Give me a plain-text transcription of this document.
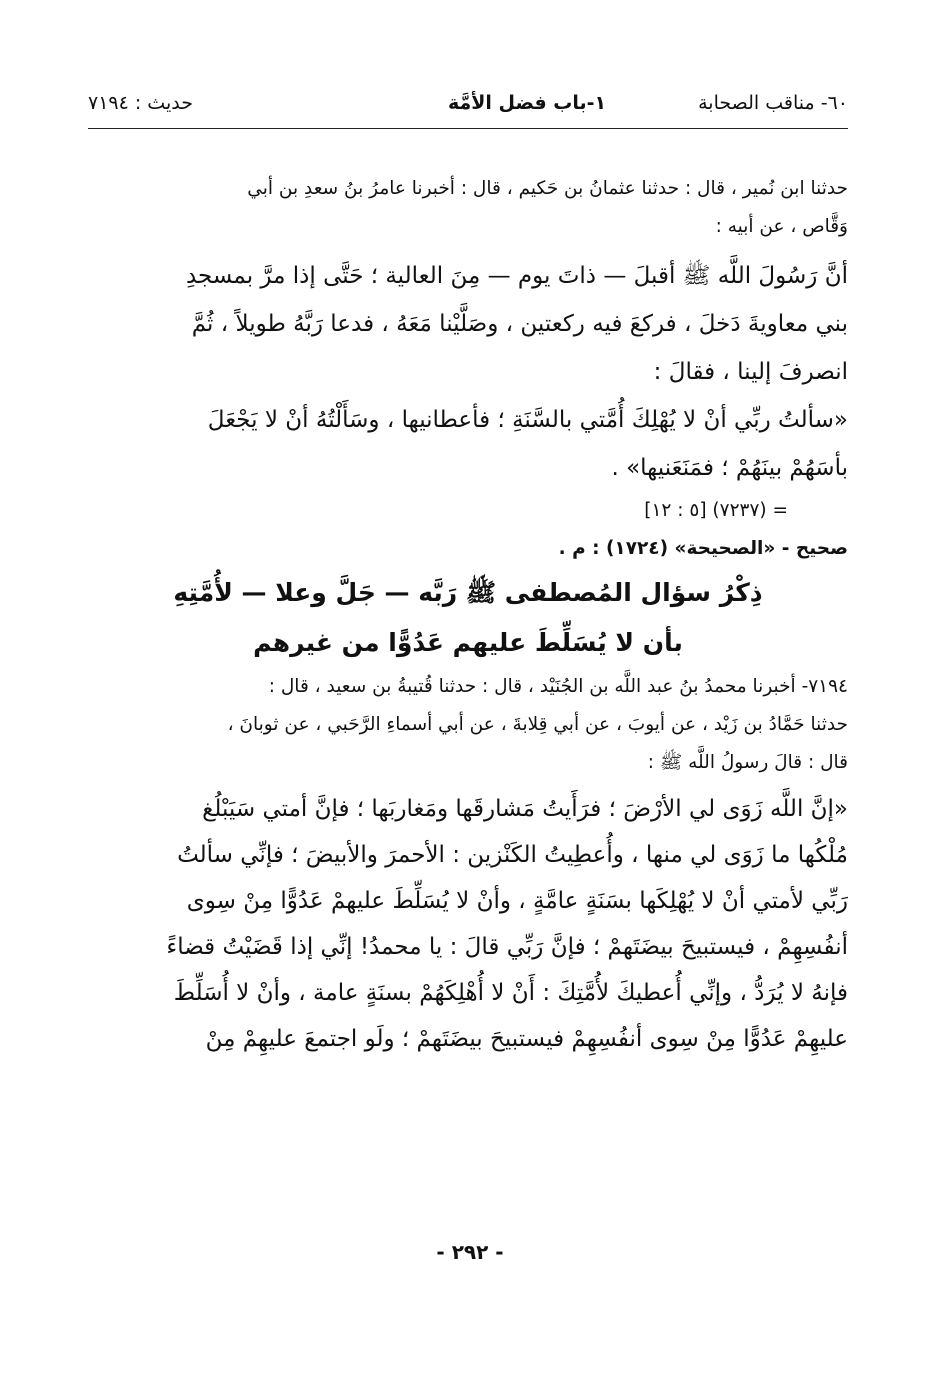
٦٠- مناقب الصحابة
١-باب فضل الأمَّة
حديث : ٧١٩٤
حدثنا ابن نُمير ، قال : حدثنا عثمانُ بن حَكيم ، قال : أخبرنا عامرُ بنُ سعدِ بن أبي
وَقَّاص ، عن أبيه :
أنَّ رَسُولَ اللَّه ﷺ أقبلَ — ذاتَ يوم — مِنَ العالية ؛ حَتَّى إذا مرَّ بمسجدِ
بني معاويةَ دَخلَ ، فركعَ فيه ركعتين ، وصَلَّيْنا مَعَهُ ، فدعا رَبَّهُ طويلاً ، ثُمَّ
انصرفَ إلينا ، فقالَ :
«سألتُ ربِّي أنْ لا يُهْلِكَ أُمَّتي بالسَّنَةِ ؛ فأعطانيها ، وسَأَلْتُهُ أنْ لا يَجْعَلَ
بأسَهُمْ بينَهُمْ ؛ فمَنَعَنيها» .
= (٧٢٣٧) [٥ : ١٢]
صحيح - «الصحيحة» (١٧٢٤) : م .
ذِكْرُ سؤال المُصطفى ﷺ رَبَّه — جَلَّ وعلا — لأُمَّتِهِ
بأن لا يُسَلِّطَ عليهم عَدُوًّا من غيرهم
٧١٩٤- أخبرنا محمدُ بنُ عبد اللَّه بن الجُنَيْد ، قال : حدثنا قُتيبةُ بن سعيد ، قال :
حدثنا حَمَّادُ بن زَيْد ، عن أيوبَ ، عن أبي قِلابةَ ، عن أبي أسماءِ الرَّحَبي ، عن ثوبانَ ،
قال : قالَ رسولُ اللَّه ﷺ :
«إنَّ اللَّه زَوَى لي الأرْضَ ؛ فرَأَيتُ مَشارقَها ومَغاربَها ؛ فإنَّ أمتي سَيَبْلُغ
مُلْكُها ما زَوَى لي منها ، وأُعطِيتُ الكَنْزين : الأحمرَ والأبيضَ ؛ فإنِّي سألتُ
رَبِّي لأمتي أنْ لا يُهْلِكَها بسَنَةٍ عامَّةٍ ، وأنْ لا يُسَلِّطَ عليهمْ عَدُوًّا مِنْ سِوى
أنفُسِهِمْ ، فيستبيحَ بيضَتَهمْ ؛ فإنَّ رَبِّي قالَ : يا محمدُ! إنِّي إذا قَضَيْتُ قضاءً
فإنهُ لا يُرَدُّ ، وإنِّي أُعطيكَ لأُمَّتِكَ : أَنْ لا أُهْلِكَهُمْ بسنَةٍ عامة ، وأنْ لا أُسَلِّطَ
عليهِمْ عَدُوًّا مِنْ سِوى أنفُسِهِمْ فيستبيحَ بيضَتَهمْ ؛ ولَو اجتمعَ عليهِمْ مِنْ
- ٢٩٢ -
